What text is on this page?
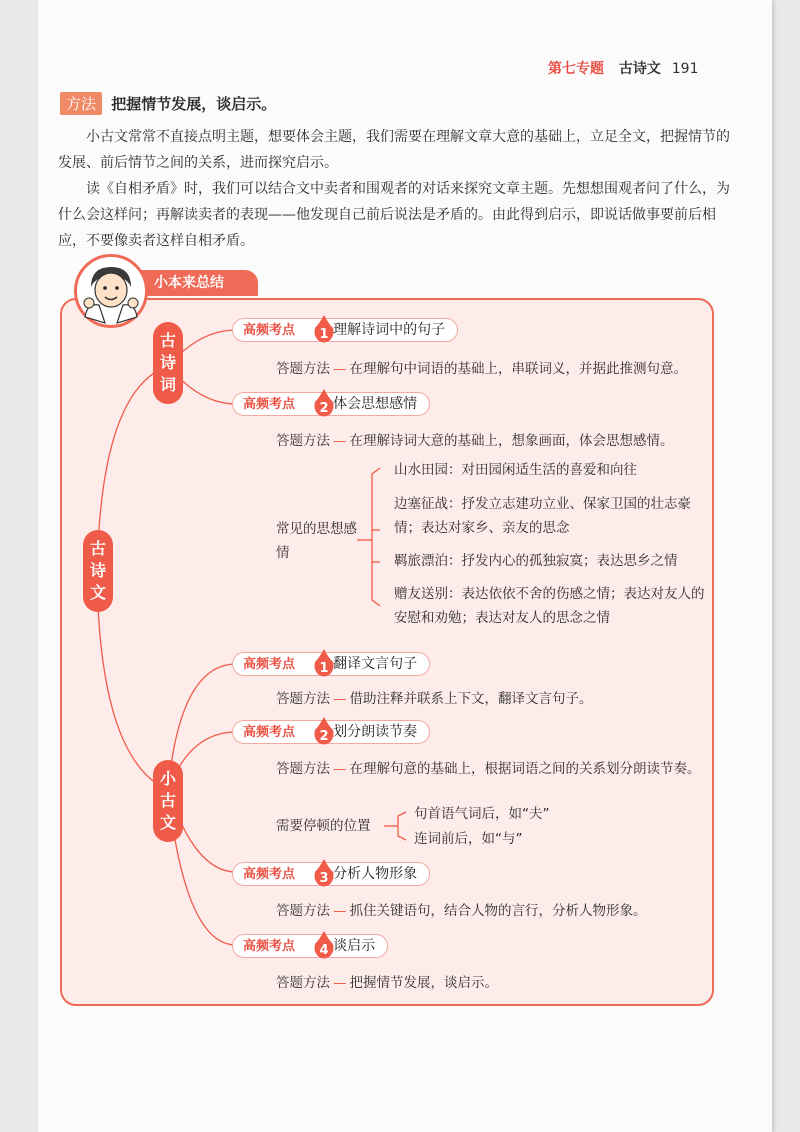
第七专题 古诗文 191
方法 把握情节发展，谈启示。
小古文常常不直接点明主题，想要体会主题，我们需要在理解文章大意的基础上，立足全文，把握情节的发展、前后情节之间的关系，进而探究启示。
读《自相矛盾》时，我们可以结合文中卖者和围观者的对话来探究文章主题。先想想围观者问了什么，为什么会这样问；再解读卖者的表现——他发现自己前后说法是矛盾的。由此得到启示，即说话做事要前后相应，不要像卖者这样自相矛盾。
小本来总结
古
诗
文
古
诗
词
小
古
文
高频考点 1 理解诗词中的句子
答题方法 — 在理解句中词语的基础上，串联词义，并据此推测句意。
高频考点 2 体会思想感情
答题方法 — 在理解诗词大意的基础上，想象画面，体会思想感情。
常见的思想感情
山水田园：对田园闲适生活的喜爱和向往
边塞征战：抒发立志建功立业、保家卫国的壮志豪情；表达对家乡、亲友的思念
羁旅漂泊：抒发内心的孤独寂寞；表达思乡之情
赠友送别：表达依依不舍的伤感之情；表达对友人的安慰和劝勉；表达对友人的思念之情
高频考点 1 翻译文言句子
答题方法 — 借助注释并联系上下文，翻译文言句子。
高频考点 2 划分朗读节奏
答题方法 — 在理解句意的基础上，根据词语之间的关系划分朗读节奏。
需要停顿的位置
句首语气词后，如“夫”
连词前后，如“与”
高频考点 3 分析人物形象
答题方法 — 抓住关键语句，结合人物的言行，分析人物形象。
高频考点 4 谈启示
答题方法 — 把握情节发展，谈启示。
